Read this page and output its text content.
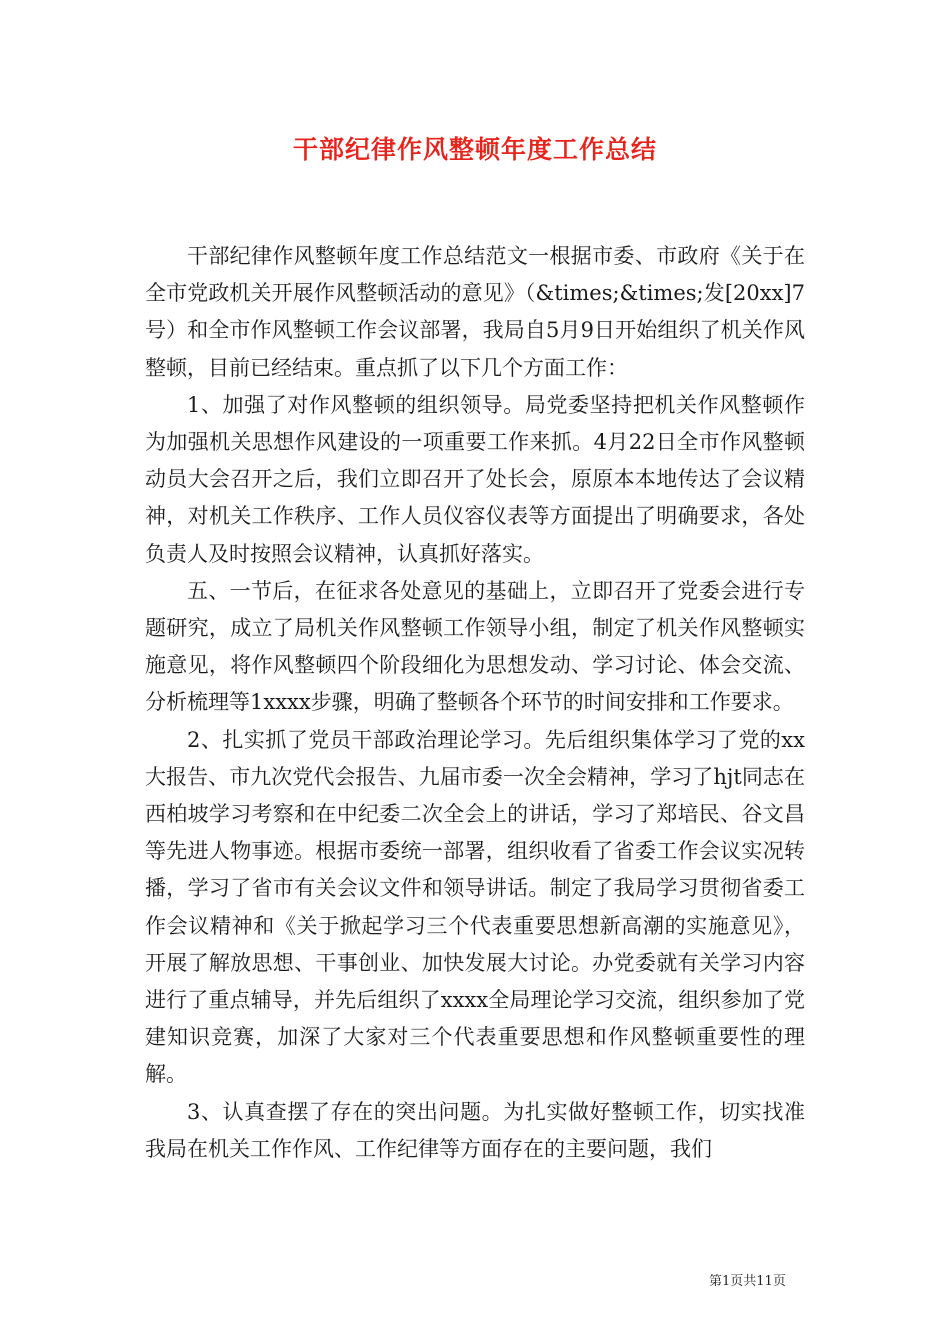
干部纪律作风整顿年度工作总结

干部纪律作风整顿年度工作总结范文一根据市委、市政府《关于在全市党政机关开展作风整顿活动的意见》（&times;&times;发[20xx]7号）和全市作风整顿工作会议部署，我局自5月9日开始组织了机关作风整顿，目前已经结束。重点抓了以下几个方面工作：

1、加强了对作风整顿的组织领导。局党委坚持把机关作风整顿作为加强机关思想作风建设的一项重要工作来抓。4月22日全市作风整顿动员大会召开之后，我们立即召开了处长会，原原本本地传达了会议精神，对机关工作秩序、工作人员仪容仪表等方面提出了明确要求，各处负责人及时按照会议精神，认真抓好落实。

五、一节后，在征求各处意见的基础上，立即召开了党委会进行专题研究，成立了局机关作风整顿工作领导小组，制定了机关作风整顿实施意见，将作风整顿四个阶段细化为思想发动、学习讨论、体会交流、分析梳理等1xxxx步骤，明确了整顿各个环节的时间安排和工作要求。

2、扎实抓了党员干部政治理论学习。先后组织集体学习了党的xx大报告、市九次党代会报告、九届市委一次全会精神，学习了hjt同志在西柏坡学习考察和在中纪委二次全会上的讲话，学习了郑培民、谷文昌等先进人物事迹。根据市委统一部署，组织收看了省委工作会议实况转播，学习了省市有关会议文件和领导讲话。制定了我局学习贯彻省委工作会议精神和《关于掀起学习三个代表重要思想新高潮的实施意见》，开展了解放思想、干事创业、加快发展大讨论。办党委就有关学习内容进行了重点辅导，并先后组织了xxxx全局理论学习交流，组织参加了党建知识竞赛，加深了大家对三个代表重要思想和作风整顿重要性的理解。

3、认真查摆了存在的突出问题。为扎实做好整顿工作，切实找准我局在机关工作作风、工作纪律等方面存在的主要问题，我们

第1页共11页
